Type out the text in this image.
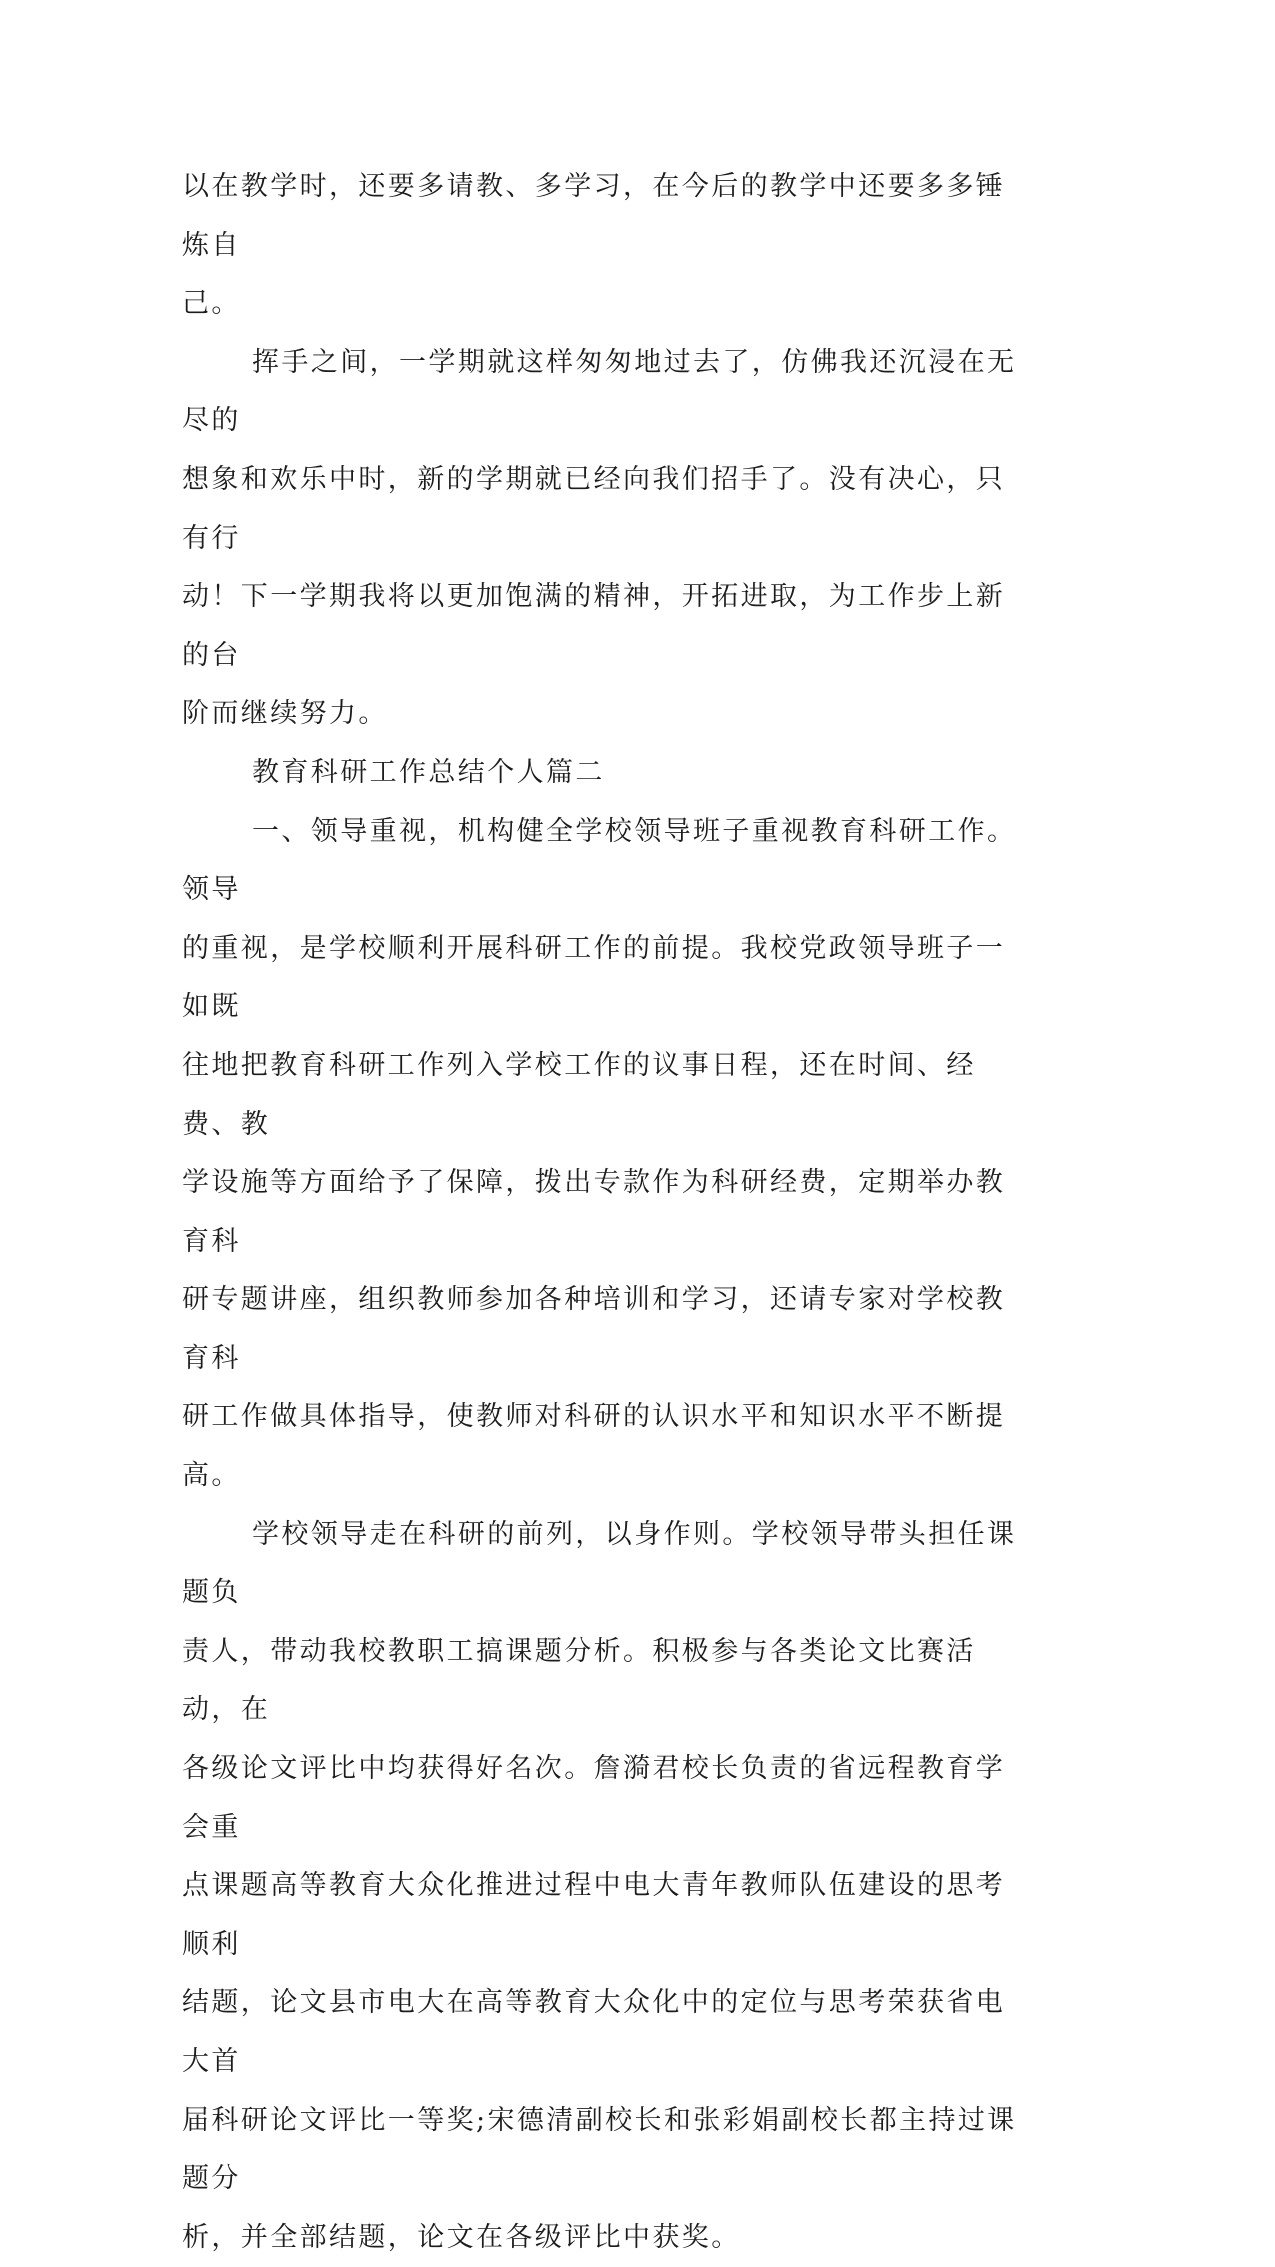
以在教学时，还要多请教、多学习，在今后的教学中还要多多锤炼自
己。

挥手之间，一学期就这样匆匆地过去了，仿佛我还沉浸在无尽的
想象和欢乐中时，新的学期就已经向我们招手了。没有决心，只有行
动！下一学期我将以更加饱满的精神，开拓进取，为工作步上新的台
阶而继续努力。

教育科研工作总结个人篇二

一、领导重视，机构健全学校领导班子重视教育科研工作。领导
的重视，是学校顺利开展科研工作的前提。我校党政领导班子一如既
往地把教育科研工作列入学校工作的议事日程，还在时间、经费、教
学设施等方面给予了保障，拨出专款作为科研经费，定期举办教育科
研专题讲座，组织教师参加各种培训和学习，还请专家对学校教育科
研工作做具体指导，使教师对科研的认识水平和知识水平不断提高。

学校领导走在科研的前列，以身作则。学校领导带头担任课题负
责人，带动我校教职工搞课题分析。积极参与各类论文比赛活动，在
各级论文评比中均获得好名次。詹漪君校长负责的省远程教育学会重
点课题高等教育大众化推进过程中电大青年教师队伍建设的思考顺利
结题，论文县市电大在高等教育大众化中的定位与思考荣获省电大首
届科研论文评比一等奖;宋德清副校长和张彩娟副校长都主持过课题分
析，并全部结题，论文在各级评比中获奖。
